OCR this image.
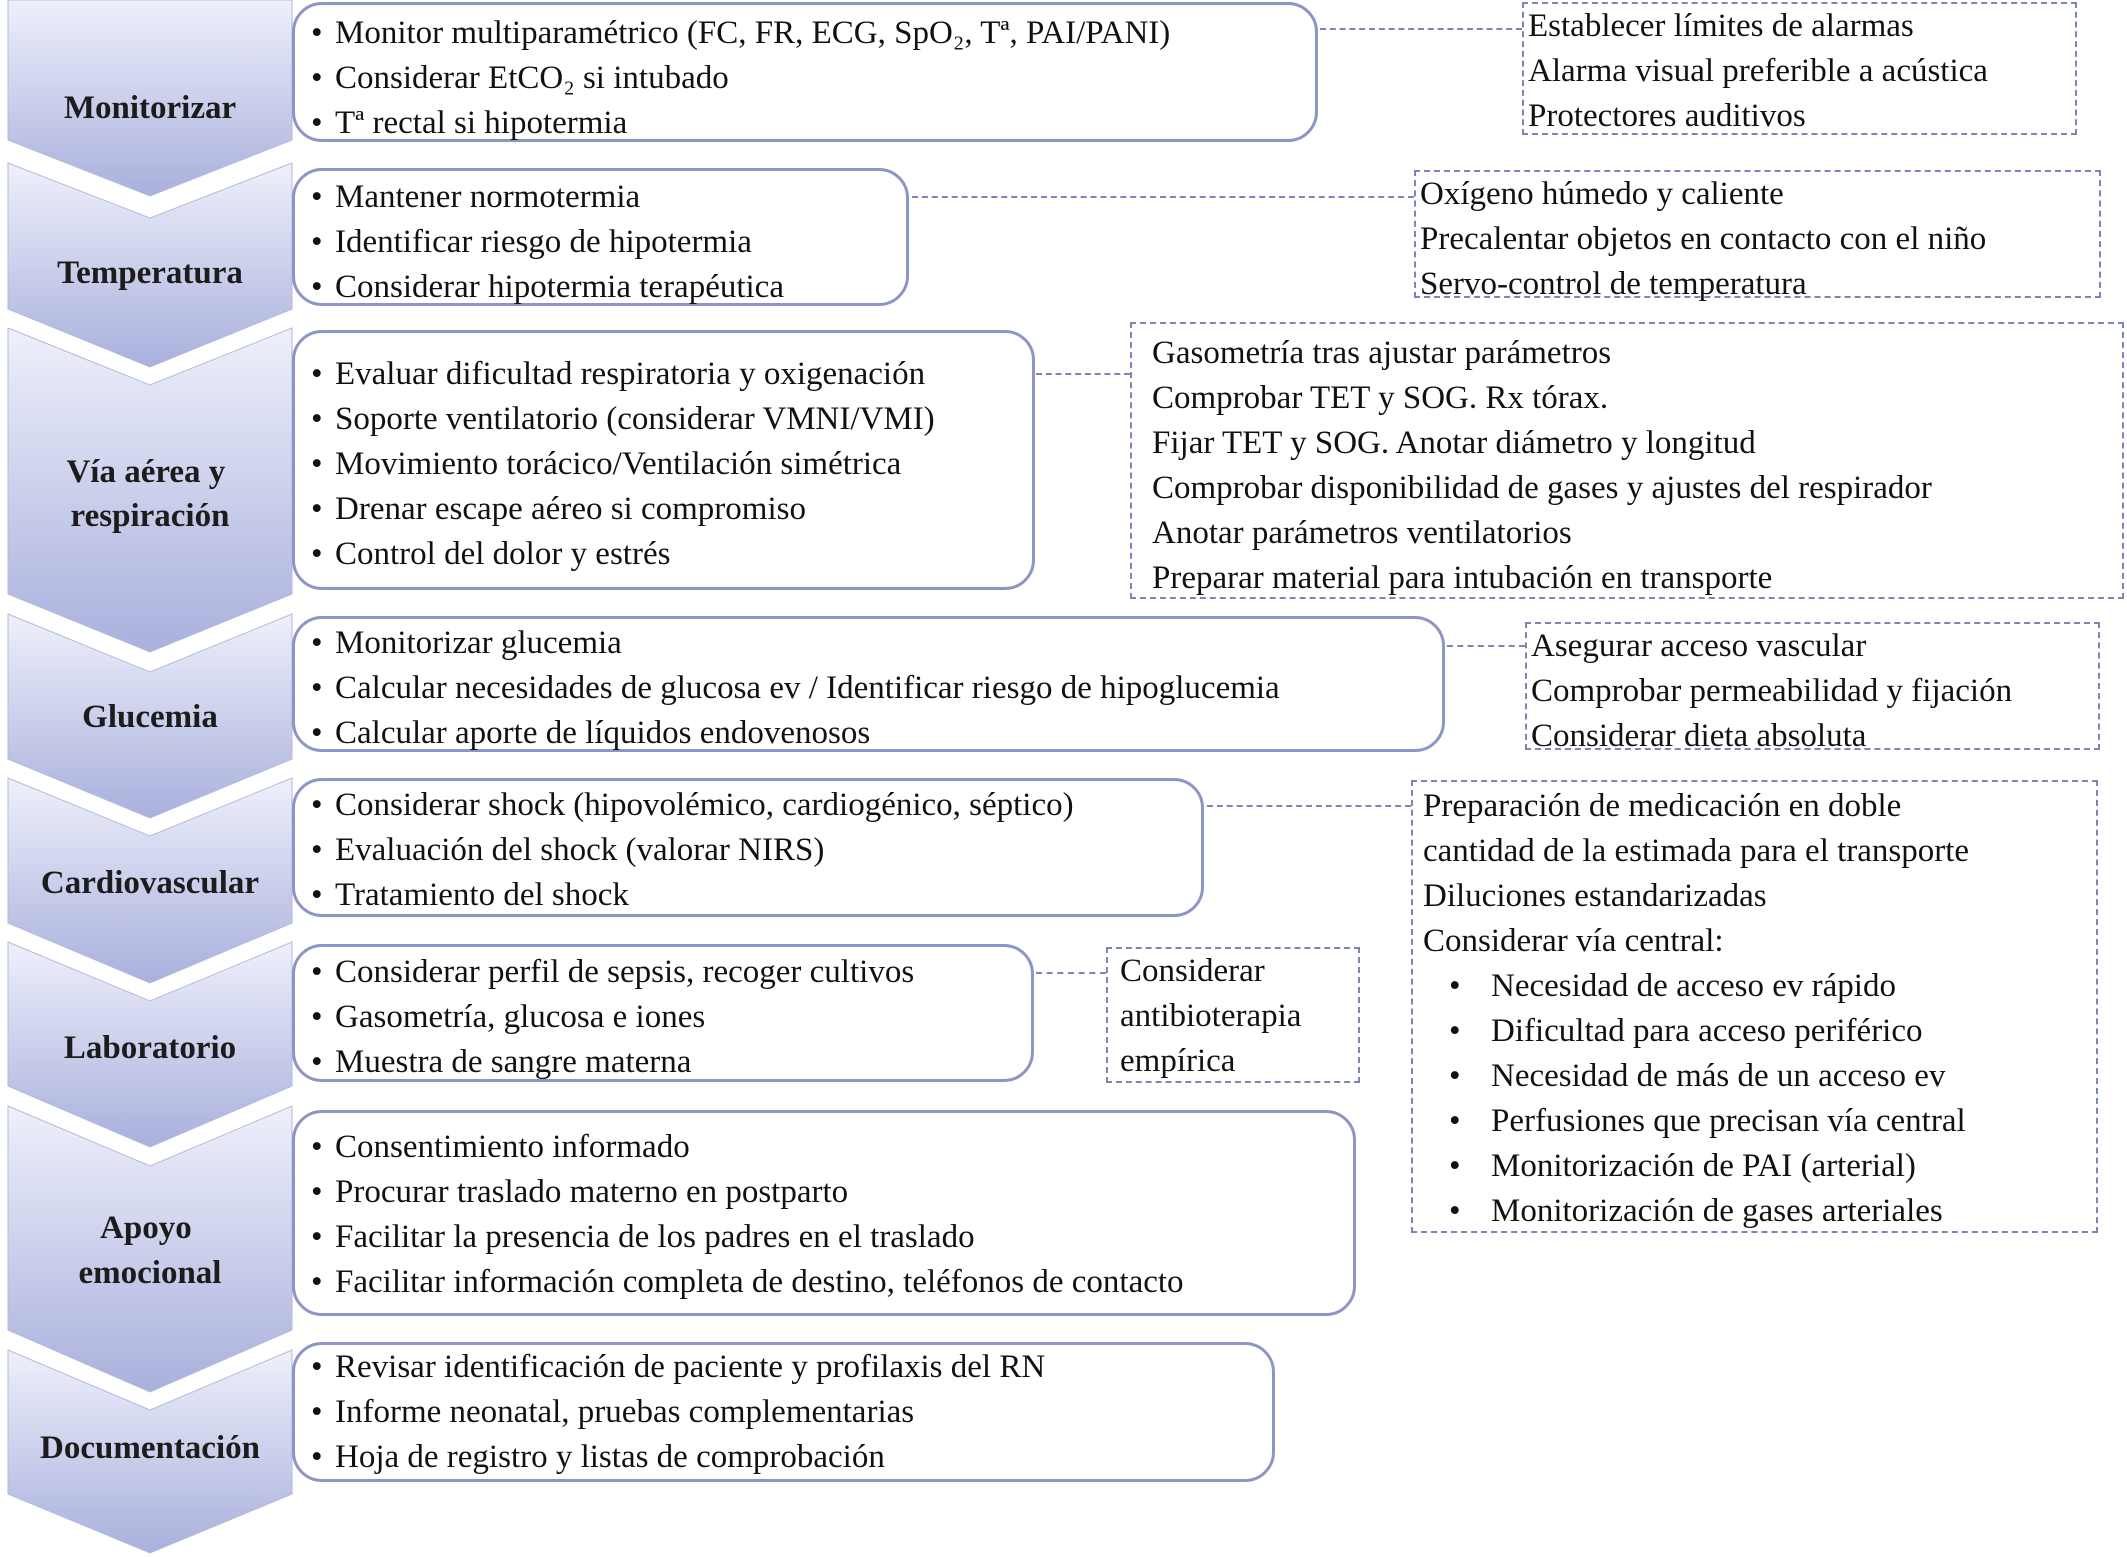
Monitorizar
Temperatura
Vía aérea y respiración
Glucemia
Cardiovascular
Laboratorio
Apoyo emocional
Documentación
• Monitor multiparamétrico (FC, FR, ECG, SpO₂, Tª, PAI/PANI)
• Considerar EtCO₂ si intubado
• Tª rectal si hipotermia
• Mantener normotermia
• Identificar riesgo de hipotermia
• Considerar hipotermia terapéutica
• Evaluar dificultad respiratoria y oxigenación
• Soporte ventilatorio (considerar VMNI/VMI)
• Movimiento torácico/Ventilación simétrica
• Drenar escape aéreo si compromiso
• Control del dolor y estrés
• Monitorizar glucemia
• Calcular necesidades de glucosa ev / Identificar riesgo de hipoglucemia
• Calcular aporte de líquidos endovenosos
• Considerar shock (hipovolémico, cardiogénico, séptico)
• Evaluación del shock (valorar NIRS)
• Tratamiento del shock
• Considerar perfil de sepsis, recoger cultivos
• Gasometría, glucosa e iones
• Muestra de sangre materna
• Consentimiento informado
• Procurar traslado materno en postparto
• Facilitar la presencia de los padres en el traslado
• Facilitar información completa de destino, teléfonos de contacto
• Revisar identificación de paciente y profilaxis del RN
• Informe neonatal, pruebas complementarias
• Hoja de registro y listas de comprobación
Establecer límites de alarmas
Alarma visual preferible a acústica
Protectores auditivos
Oxígeno húmedo y caliente
Precalentar objetos en contacto con el niño
Servo-control de temperatura
Gasometría tras ajustar parámetros
Comprobar TET y SOG. Rx tórax.
Fijar TET y SOG. Anotar diámetro y longitud
Comprobar disponibilidad de gases y ajustes del respirador
Anotar parámetros ventilatorios
Preparar material para intubación en transporte
Asegurar acceso vascular
Comprobar permeabilidad y fijación
Considerar dieta absoluta
Preparación de medicación en doble
cantidad de la estimada para el transporte
Diluciones estandarizadas
Considerar vía central:
• Necesidad de acceso ev rápido
• Dificultad para acceso periférico
• Necesidad de más de un acceso ev
• Perfusiones que precisan vía central
• Monitorización de PAI (arterial)
• Monitorización de gases arteriales
Considerar
antibioterapia
empírica
